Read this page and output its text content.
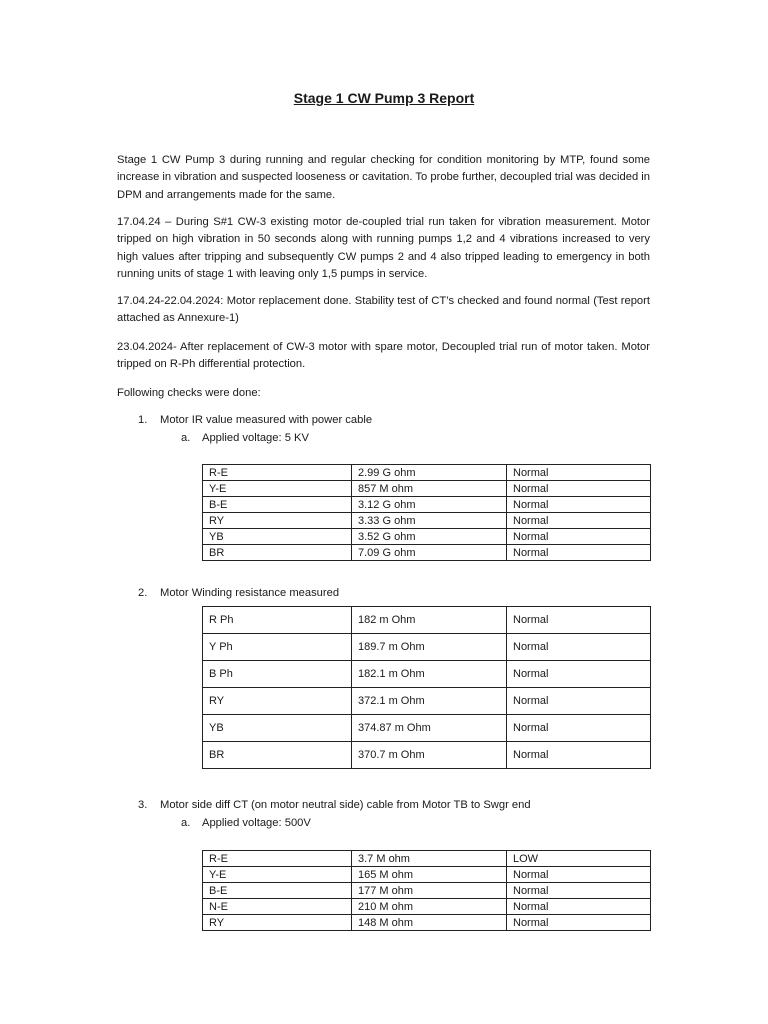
Stage 1 CW Pump 3 Report
Stage 1 CW Pump 3 during running and regular checking for condition monitoring by MTP, found some increase in vibration and suspected looseness or cavitation. To probe further, decoupled trial was decided in DPM and arrangements made for the same.
17.04.24 – During S#1 CW-3 existing motor de-coupled trial run taken for vibration measurement. Motor tripped on high vibration in 50 seconds along with running pumps 1,2 and 4 vibrations increased to very high values after tripping and subsequently CW pumps 2 and 4 also tripped leading to emergency in both running units of stage 1 with leaving only 1,5 pumps in service.
17.04.24-22.04.2024: Motor replacement done. Stability test of CT’s checked and found normal (Test report attached as Annexure-1)
23.04.2024- After replacement of CW-3 motor with spare motor, Decoupled trial run of motor taken. Motor tripped on R-Ph differential protection.
Following checks were done:
1. Motor IR value measured with power cable
a. Applied voltage: 5 KV
R-E	2.99 G ohm	Normal
Y-E	857 M ohm	Normal
B-E	3.12 G ohm	Normal
RY	3.33 G ohm	Normal
YB	3.52 G ohm	Normal
BR	7.09 G ohm	Normal
2. Motor Winding resistance measured
R Ph	182 m Ohm	Normal
Y Ph	189.7 m Ohm	Normal
B Ph	182.1 m Ohm	Normal
RY	372.1 m Ohm	Normal
YB	374.87 m Ohm	Normal
BR	370.7 m Ohm	Normal
3. Motor side diff CT (on motor neutral side) cable from Motor TB to Swgr end
a. Applied voltage: 500V
R-E	3.7 M ohm	LOW
Y-E	165 M ohm	Normal
B-E	177 M ohm	Normal
N-E	210 M ohm	Normal
RY	148 M ohm	Normal
